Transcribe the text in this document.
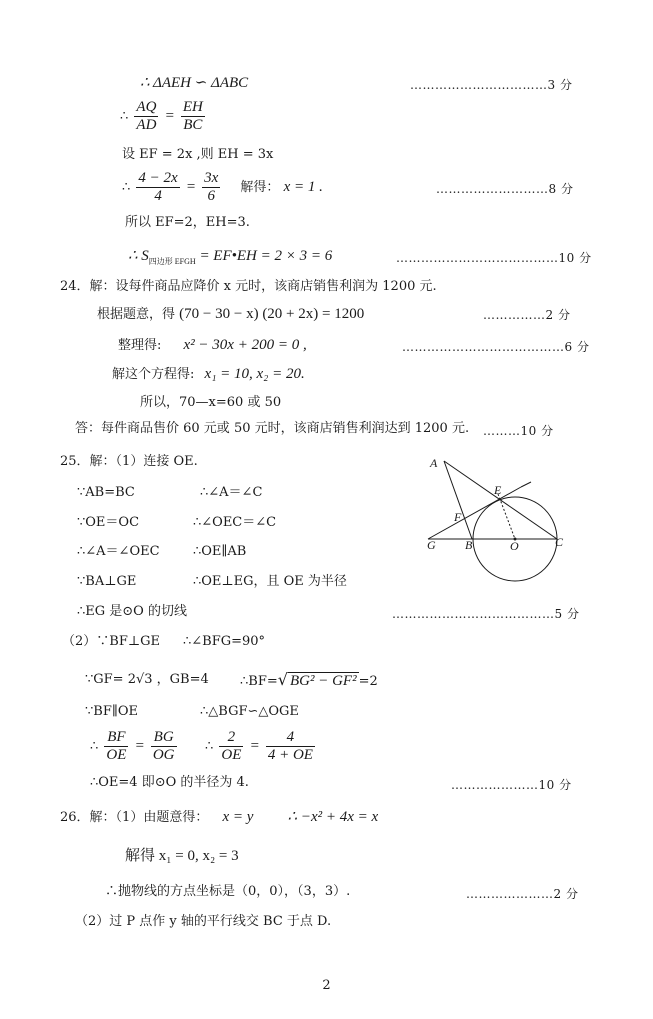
∴ ΔAEH ∽ ΔABC	……………………………3 分
∴ $\frac{AQ}{AD} = \frac{EH}{BC}$
设 EF = 2x ,则 EH = 3x
∴ $\frac{4 - 2x}{4} = \frac{3x}{6}$ 解得： x = 1 .	………………………8 分
所以 EF=2，EH=3.
∴ $S_{四边形 EFGH}$ = EF•EH = 2 × 3 = 6	…………………………………10 分
24．解：设每件商品应降价 x 元时，该商店销售利润为 1200 元.
根据题意，得 (70 − 30 − x) (20 + 2x) = 1200	……………2 分
整理得: x² − 30x + 200 = 0 ,	…………………………………6 分
解这个方程得: x₁ = 10, x₂ = 20.
所以，70—x=60 或 50
答：每件商品售价 60 元或 50 元时，该商店销售利润达到 1200 元. ………10 分
25．解：（1）连接 OE.
∵AB=BC	∴∠A＝∠C
∵OE＝OC	∴∠OEC＝∠C
∴∠A＝∠OEC	∴OE∥AB
∵BA⊥GE	∴OE⊥EG，且 OE 为半径
∴EG 是⊙O 的切线	…………………………………5 分
（2）∵BF⊥GE ∴∠BFG=90°
∵GF= 2√3 ，GB=4 ∴BF=√ BG² − GF² =2
∵BF∥OE	∴△BGF∽△OGE
∴ $\frac{BF}{OE} = \frac{BG}{OG}$ ∴ $\frac{2}{OE} = \frac{4}{4 + OE}$
∴OE=4 即⊙O 的半径为 4.	…………………10 分
A
E
F
G B	O	C
26．解：（1）由题意得： x = y ∴ −x² + 4x = x
解得 x₁ = 0, x₂ = 3
∴抛物线的方点坐标是（0，0），（3，3）.	…………………2 分
（2）过 P 点作 y 轴的平行线交 BC 于点 D.
2
